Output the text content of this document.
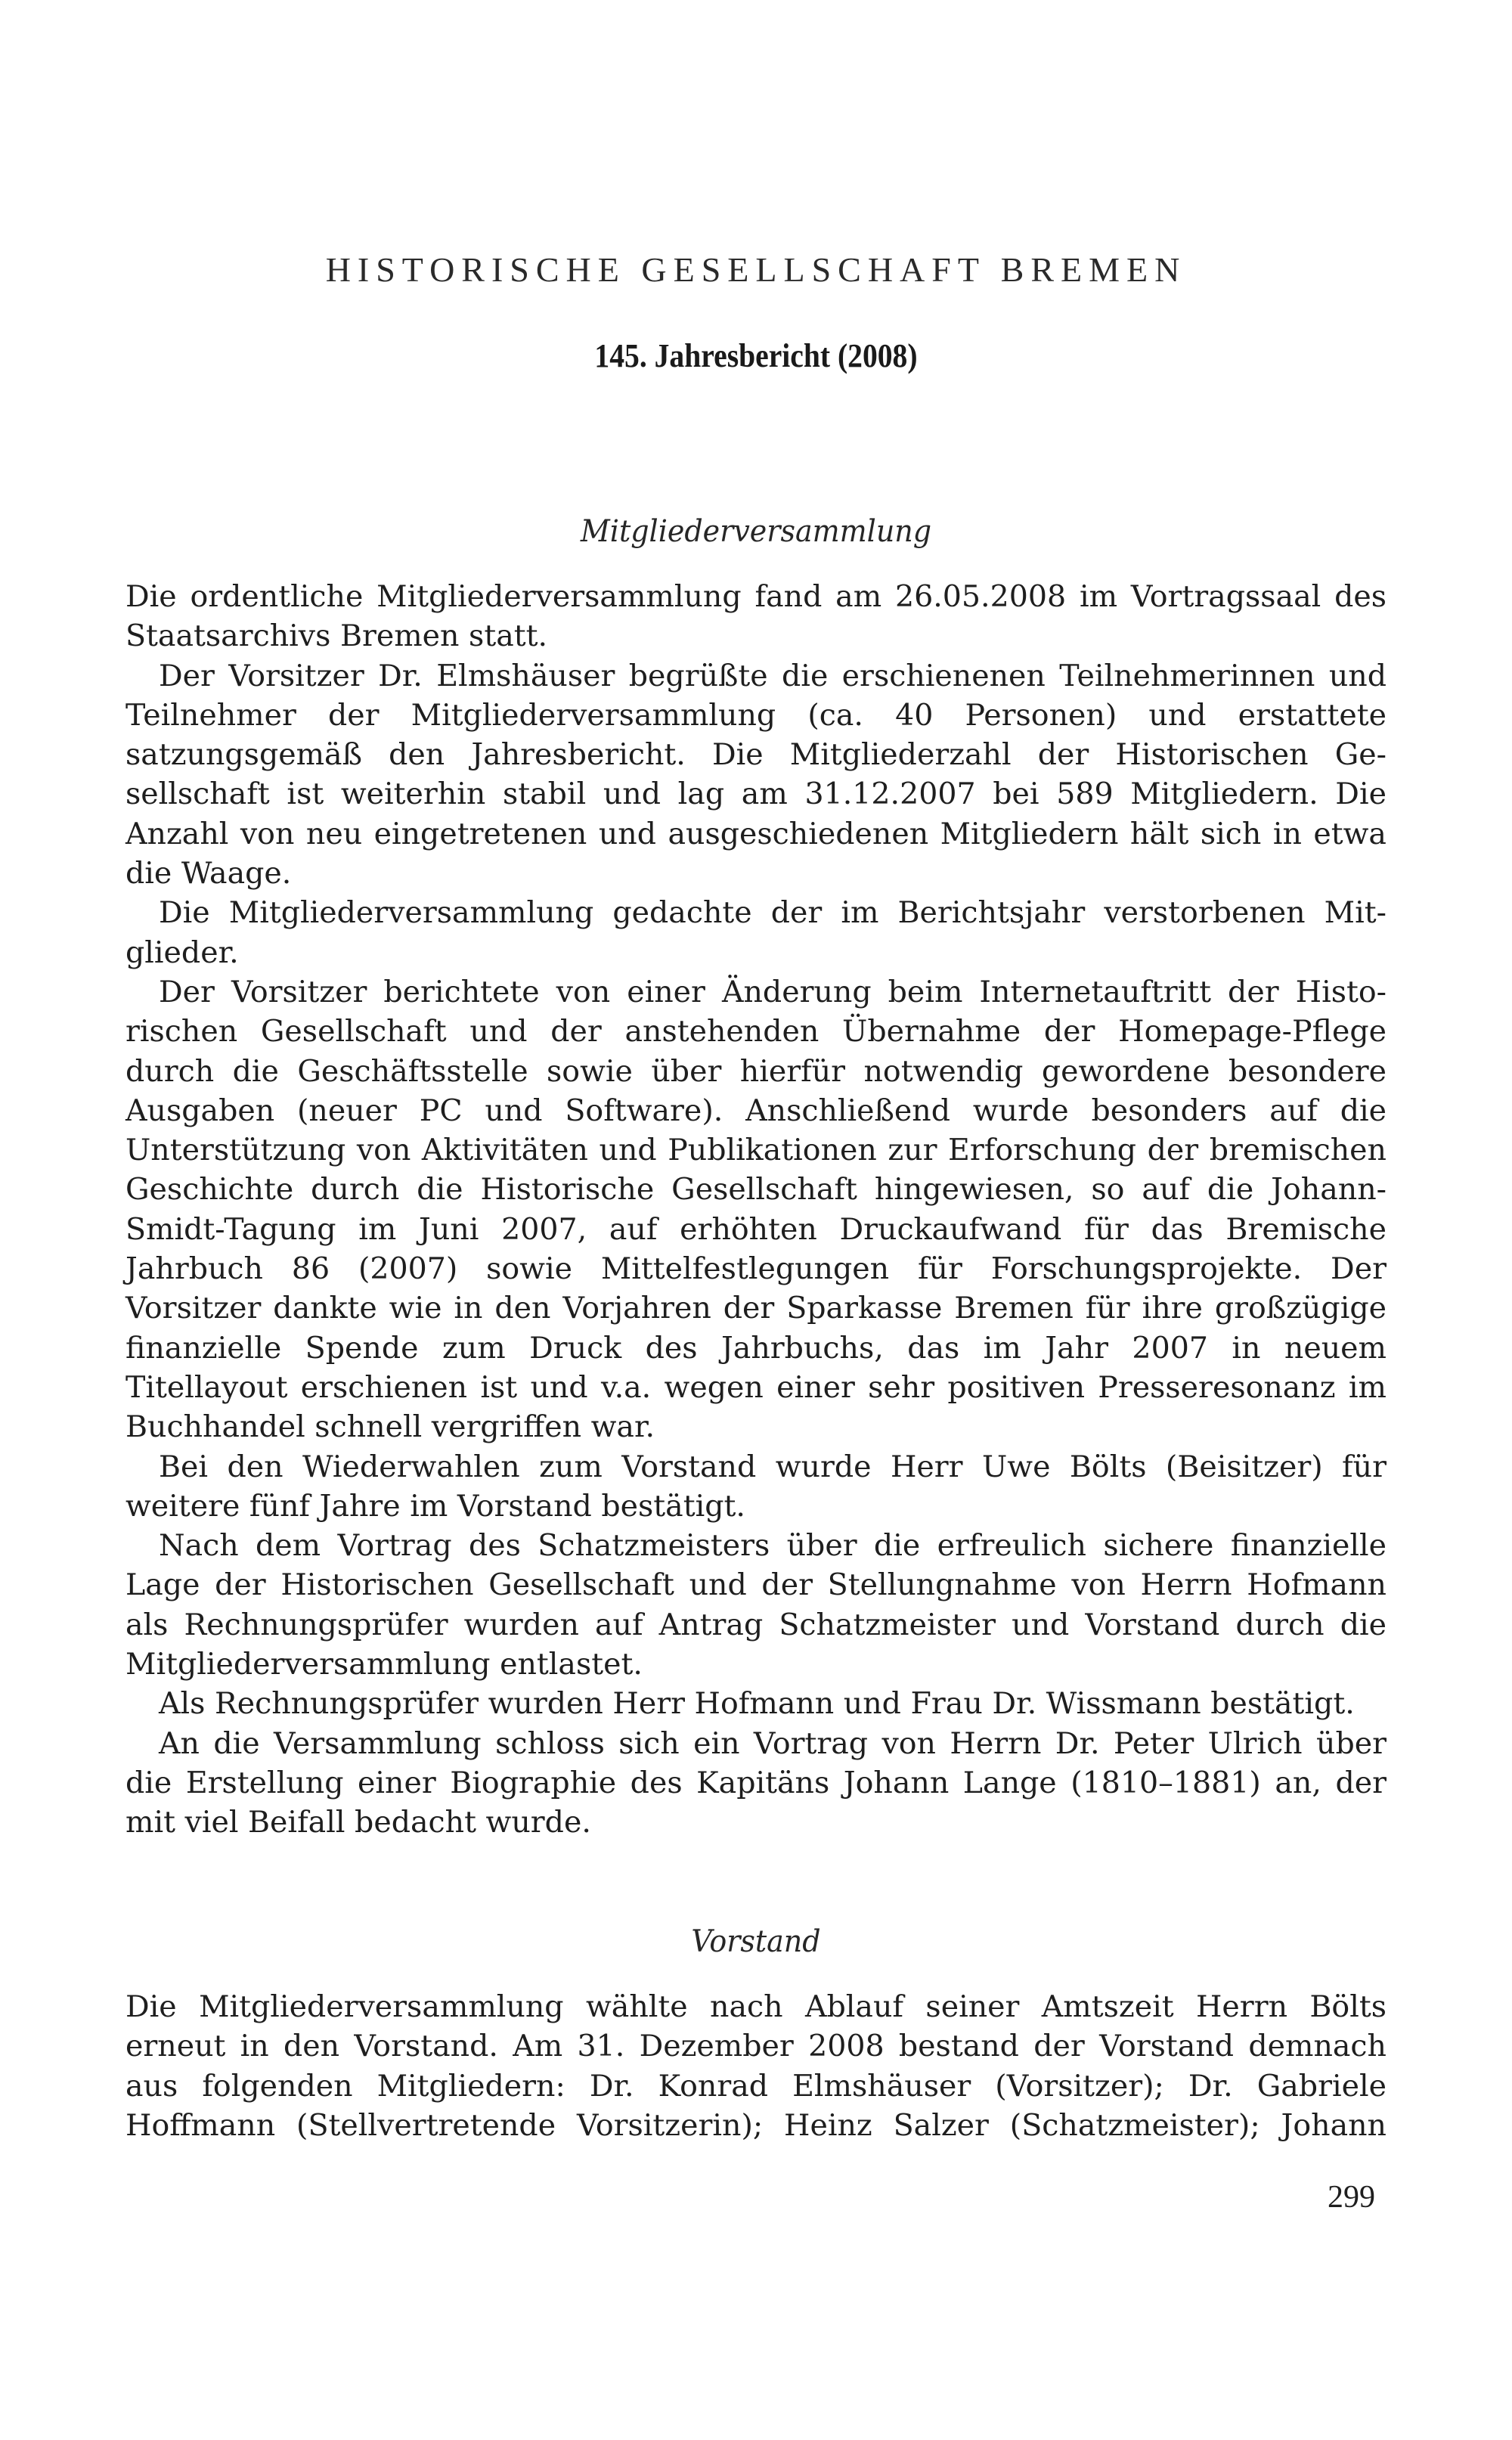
HISTORISCHE GESELLSCHAFT BREMEN
145. Jahresbericht (2008)
Mitgliederversammlung

Die ordentliche Mitgliederversammlung fand am 26.05.2008 im Vortragssaal des Staatsarchivs Bremen statt.

Der Vorsitzer Dr. Elmshäuser begrüßte die erschienenen Teilnehmerinnen und Teilnehmer der Mitgliederversammlung (ca. 40 Personen) und erstattete satzungsgemäß den Jahresbericht. Die Mitgliederzahl der Historischen Gesellschaft ist weiterhin stabil und lag am 31.12.2007 bei 589 Mitgliedern. Die Anzahl von neu eingetretenen und ausgeschiedenen Mitgliedern hält sich in etwa die Waage.

Die Mitgliederversammlung gedachte der im Berichtsjahr verstorbenen Mitglieder.

Der Vorsitzer berichtete von einer Änderung beim Internetauftritt der Historischen Gesellschaft und der anstehenden Übernahme der Homepage-Pflege durch die Geschäftsstelle sowie über hierfür notwendig gewordene besondere Ausgaben (neuer PC und Software). Anschließend wurde besonders auf die Unterstützung von Aktivitäten und Publikationen zur Erforschung der bremischen Geschichte durch die Historische Gesellschaft hingewiesen, so auf die Johann-Smidt-Tagung im Juni 2007, auf erhöhten Druckaufwand für das Bremische Jahrbuch 86 (2007) sowie Mittelfestlegungen für Forschungsprojekte. Der Vorsitzer dankte wie in den Vorjahren der Sparkasse Bremen für ihre großzügige finanzielle Spende zum Druck des Jahrbuchs, das im Jahr 2007 in neuem Titellayout erschienen ist und v.a. wegen einer sehr positiven Presseresonanz im Buchhandel schnell vergriffen war.

Bei den Wiederwahlen zum Vorstand wurde Herr Uwe Bölts (Beisitzer) für weitere fünf Jahre im Vorstand bestätigt.

Nach dem Vortrag des Schatzmeisters über die erfreulich sichere finanzielle Lage der Historischen Gesellschaft und der Stellungnahme von Herrn Hofmann als Rechnungsprüfer wurden auf Antrag Schatzmeister und Vorstand durch die Mitgliederversammlung entlastet.

Als Rechnungsprüfer wurden Herr Hofmann und Frau Dr. Wissmann bestätigt.

An die Versammlung schloss sich ein Vortrag von Herrn Dr. Peter Ulrich über die Erstellung einer Biographie des Kapitäns Johann Lange (1810–1881) an, der mit viel Beifall bedacht wurde.

Vorstand

Die Mitgliederversammlung wählte nach Ablauf seiner Amtszeit Herrn Bölts erneut in den Vorstand. Am 31. Dezember 2008 bestand der Vorstand demnach aus folgenden Mitgliedern: Dr. Konrad Elmshäuser (Vorsitzer); Dr. Gabriele Hoffmann (Stellvertretende Vorsitzerin); Heinz Salzer (Schatzmeister); Johann

299
